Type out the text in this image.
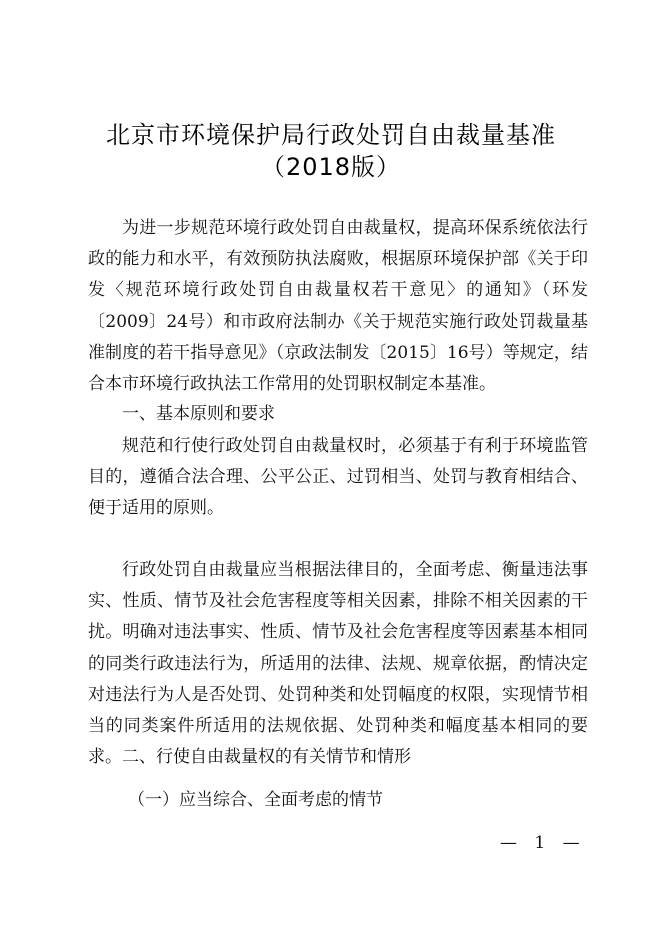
北京市环境保护局行政处罚自由裁量基准
（2018版）
为进一步规范环境行政处罚自由裁量权，提高环保系统依法行政的能力和水平，有效预防执法腐败，根据原环境保护部《关于印发〈规范环境行政处罚自由裁量权若干意见〉的通知》（环发〔2009〕24号）和市政府法制办《关于规范实施行政处罚裁量基准制度的若干指导意见》（京政法制发〔2015〕16号）等规定，结合本市环境行政执法工作常用的处罚职权制定本基准。
一、基本原则和要求
规范和行使行政处罚自由裁量权时，必须基于有利于环境监管目的，遵循合法合理、公平公正、过罚相当、处罚与教育相结合、便于适用的原则。
行政处罚自由裁量应当根据法律目的，全面考虑、衡量违法事实、性质、情节及社会危害程度等相关因素，排除不相关因素的干扰。明确对违法事实、性质、情节及社会危害程度等因素基本相同的同类行政违法行为，所适用的法律、法规、规章依据，酌情决定对违法行为人是否处罚、处罚种类和处罚幅度的权限，实现情节相当的同类案件所适用的法规依据、处罚种类和幅度基本相同的要求。 二、行使自由裁量权的有关情节和情形
（一）应当综合、全面考虑的情节
— 1 —
